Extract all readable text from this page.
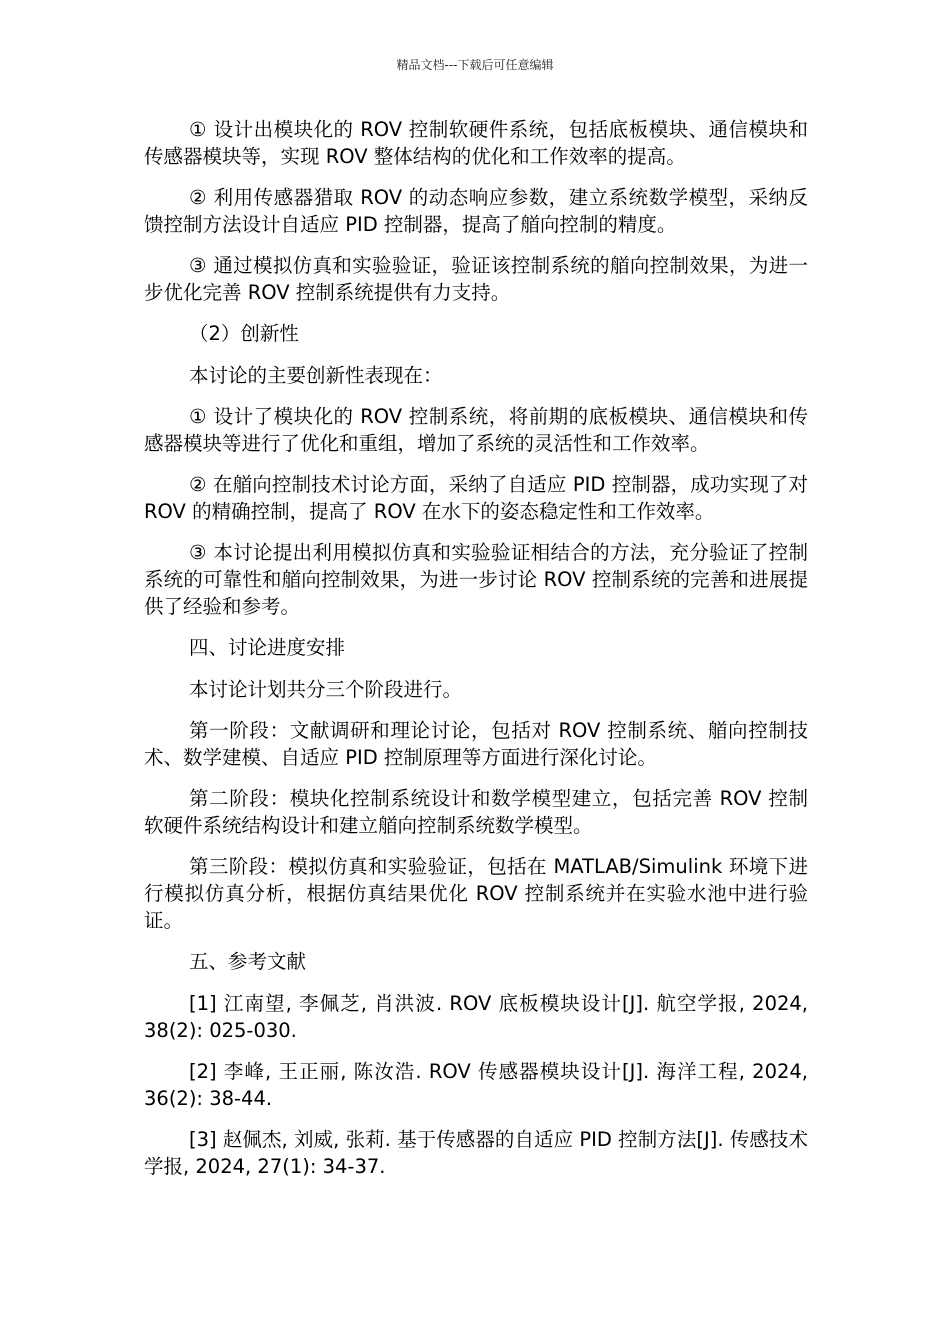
精品文档---下载后可任意编辑

① 设计出模块化的 ROV 控制软硬件系统，包括底板模块、通信模块和传感器模块等，实现 ROV 整体结构的优化和工作效率的提高。

② 利用传感器猎取 ROV 的动态响应参数，建立系统数学模型，采纳反馈控制方法设计自适应 PID 控制器，提高了艏向控制的精度。

③ 通过模拟仿真和实验验证，验证该控制系统的艏向控制效果，为进一步优化完善 ROV 控制系统提供有力支持。

（2）创新性

本讨论的主要创新性表现在：

① 设计了模块化的 ROV 控制系统，将前期的底板模块、通信模块和传感器模块等进行了优化和重组，增加了系统的灵活性和工作效率。

② 在艏向控制技术讨论方面，采纳了自适应 PID 控制器，成功实现了对 ROV 的精确控制，提高了 ROV 在水下的姿态稳定性和工作效率。

③ 本讨论提出利用模拟仿真和实验验证相结合的方法，充分验证了控制系统的可靠性和艏向控制效果，为进一步讨论 ROV 控制系统的完善和进展提供了经验和参考。

四、讨论进度安排

本讨论计划共分三个阶段进行。

第一阶段：文献调研和理论讨论，包括对 ROV 控制系统、艏向控制技术、数学建模、自适应 PID 控制原理等方面进行深化讨论。

第二阶段：模块化控制系统设计和数学模型建立，包括完善 ROV 控制软硬件系统结构设计和建立艏向控制系统数学模型。

第三阶段：模拟仿真和实验验证，包括在 MATLAB/Simulink 环境下进行模拟仿真分析，根据仿真结果优化 ROV 控制系统并在实验水池中进行验证。

五、参考文献

[1] 江南望, 李佩芝, 肖洪波. ROV 底板模块设计[J]. 航空学报, 2024, 38(2): 025-030.

[2] 李峰, 王正丽, 陈汝浩. ROV 传感器模块设计[J]. 海洋工程, 2024, 36(2): 38-44.

[3] 赵佩杰, 刘威, 张莉. 基于传感器的自适应 PID 控制方法[J]. 传感技术学报, 2024, 27(1): 34-37.
